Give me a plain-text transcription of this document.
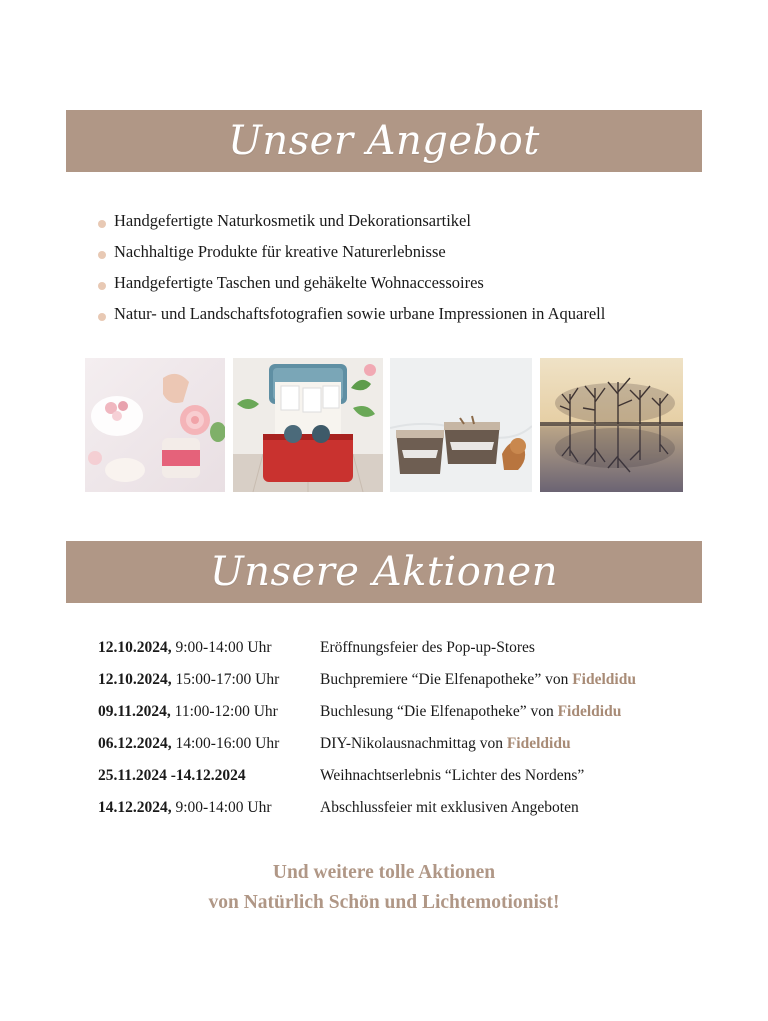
Unser Angebot
Handgefertigte Naturkosmetik und Dekorationsartikel
Nachhaltige Produkte für kreative Naturerlebnisse
Handgefertigte Taschen und gehäkelte Wohnaccessoires
Natur- und Landschaftsfotografien sowie urbane Impressionen in Aquarell
Unsere Aktionen
12.10.2024, 9:00-14:00 Uhr	Eröffnungsfeier des Pop-up-Stores
12.10.2024, 15:00-17:00 Uhr	Buchpremiere “Die Elfenapotheke” von Fideldidu
09.11.2024, 11:00-12:00 Uhr	Buchlesung “Die Elfenapotheke” von Fideldidu
06.12.2024, 14:00-16:00 Uhr	DIY-Nikolausnachmittag von Fideldidu
25.11.2024 -14.12.2024	Weihnachtserlebnis “Lichter des Nordens”
14.12.2024, 9:00-14:00 Uhr	Abschlussfeier mit exklusiven Angeboten
Und weitere tolle Aktionen
von Natürlich Schön und Lichtemotionist!
